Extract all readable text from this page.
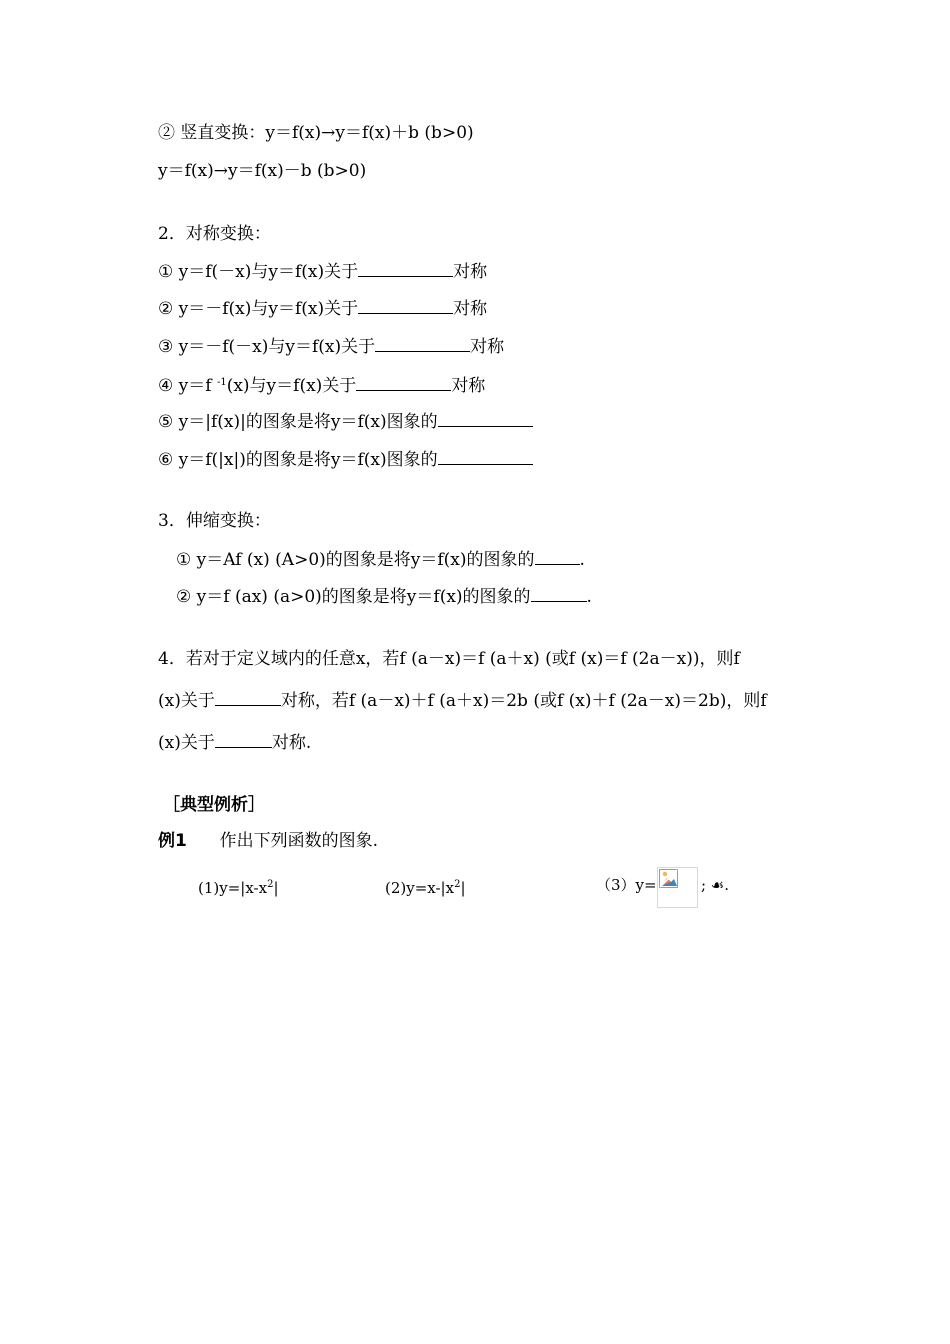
② 竖直变换：y＝f(x)→y＝f(x)＋b (b>0)
y＝f(x)→y＝f(x)－b (b>0)
2．对称变换：
① y＝f(－x)与y＝f(x)关于	对称
② y＝－f(x)与y＝f(x)关于	对称
③ y＝－f(－x)与y＝f(x)关于	对称
④ y＝f $^{-1}$(x)与y＝f(x)关于	对称
⑤ y＝|f(x)|的图象是将y＝f(x)图象的
⑥ y＝f(|x|)的图象是将y＝f(x)图象的
3．伸缩变换：
① y＝Af (x) (A>0)的图象是将y＝f(x)的图象的	.
② y＝f (ax) (a>0)的图象是将y＝f(x)的图象的	.
4．若对于定义域内的任意x，若f (a－x)＝f (a＋x) (或f (x)＝f (2a－x))，则f
(x)关于	对称，若f (a－x)＋f (a＋x)＝2b (或f (x)＋f (2a－x)＝2b)，则f
(x)关于	对称.
［典型例析］
例1 作出下列函数的图象.
$(1)y=|x-x^2|$	$(2)y=x-|x^2|$	（3）y=	; ☙.
